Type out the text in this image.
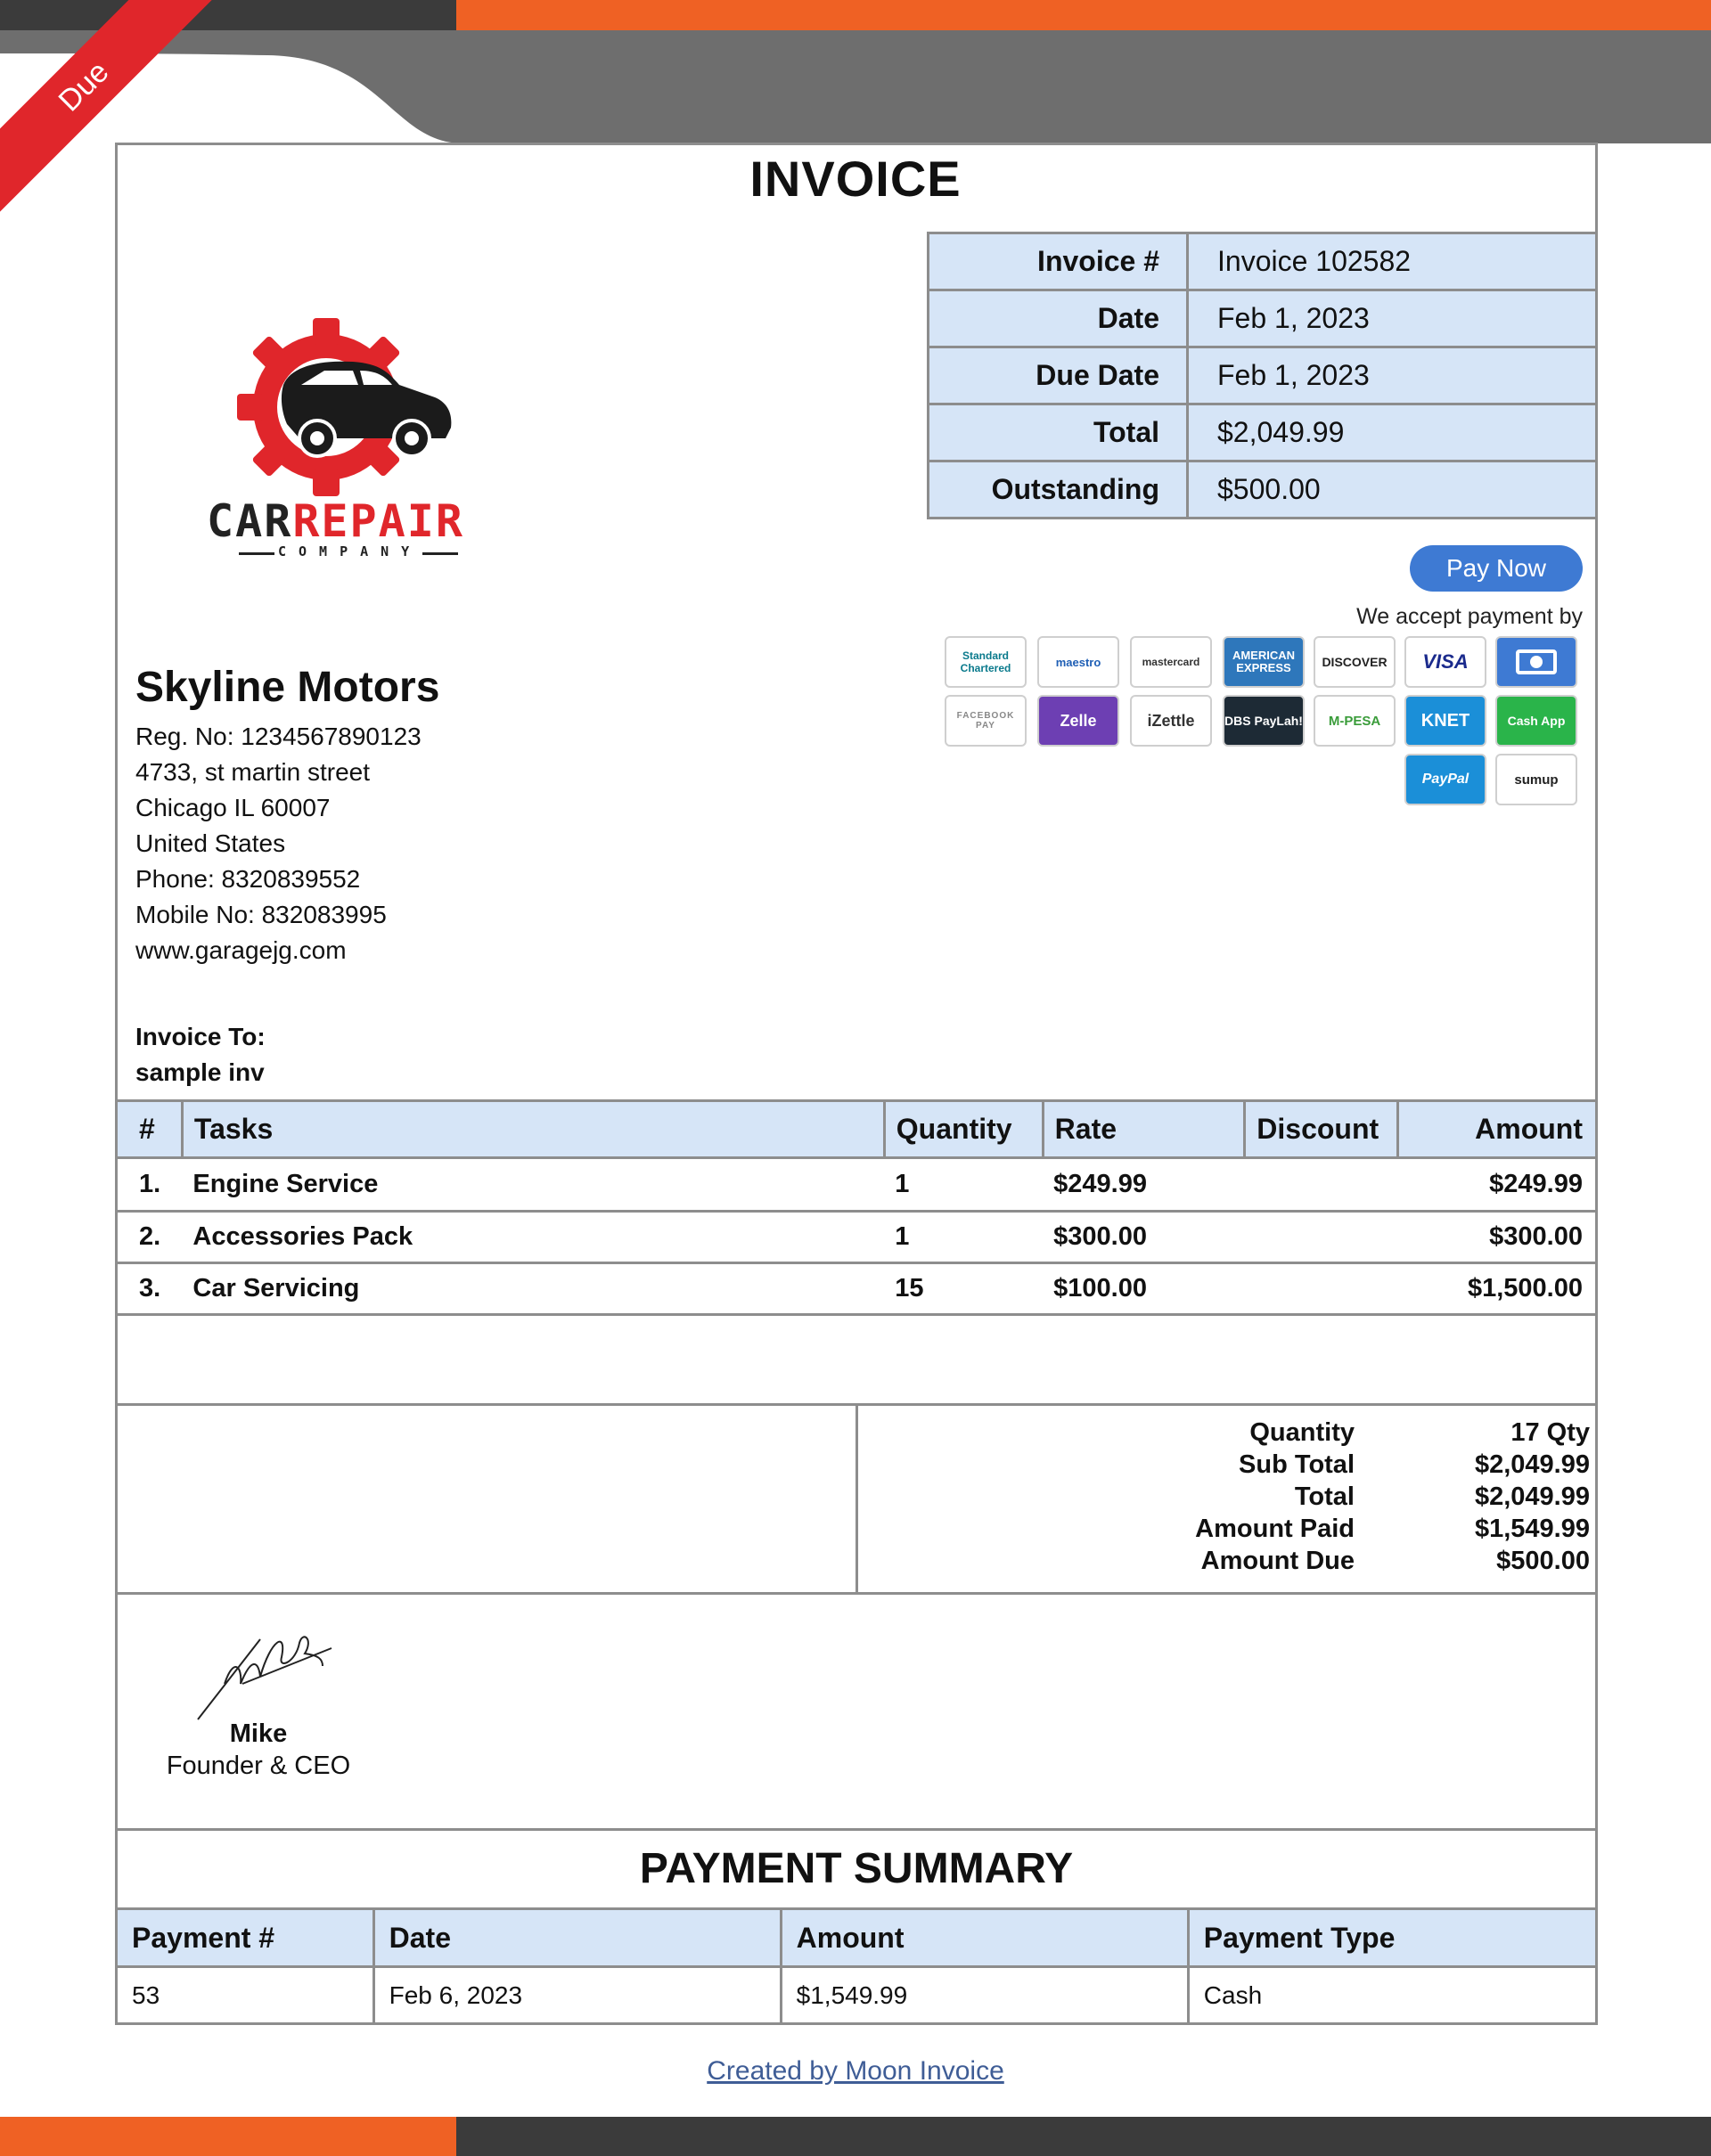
Due
INVOICE
Invoice #	Invoice 102582
Date	Feb 1, 2023
Due Date	Feb 1, 2023
Total	$2,049.99
Outstanding	$500.00
Pay Now
We accept payment by
Standard Chartered	maestro	mastercard	AMERICAN EXPRESS	DISCOVER	VISA
FACEBOOK PAY	Zelle	iZettle	DBS PayLah!	M-PESA	KNET	Cash App
PayPal	sumup
CARREPAIR
COMPANY
Skyline Motors
Reg. No: 1234567890123
4733, st martin street
Chicago IL 60007
United States
Phone: 8320839552
Mobile No: 832083995
www.garagejg.com
Invoice To:
sample inv
#	Tasks	Quantity	Rate	Discount	Amount
1.	Engine Service	1	$249.99		$249.99
2.	Accessories Pack	1	$300.00		$300.00
3.	Car Servicing	15	$100.00		$1,500.00
Quantity	17 Qty
Sub Total	$2,049.99
Total	$2,049.99
Amount Paid	$1,549.99
Amount Due	$500.00
Mike
Founder & CEO
PAYMENT SUMMARY
Payment #	Date	Amount	Payment Type
53	Feb 6, 2023	$1,549.99	Cash
Created by Moon Invoice
